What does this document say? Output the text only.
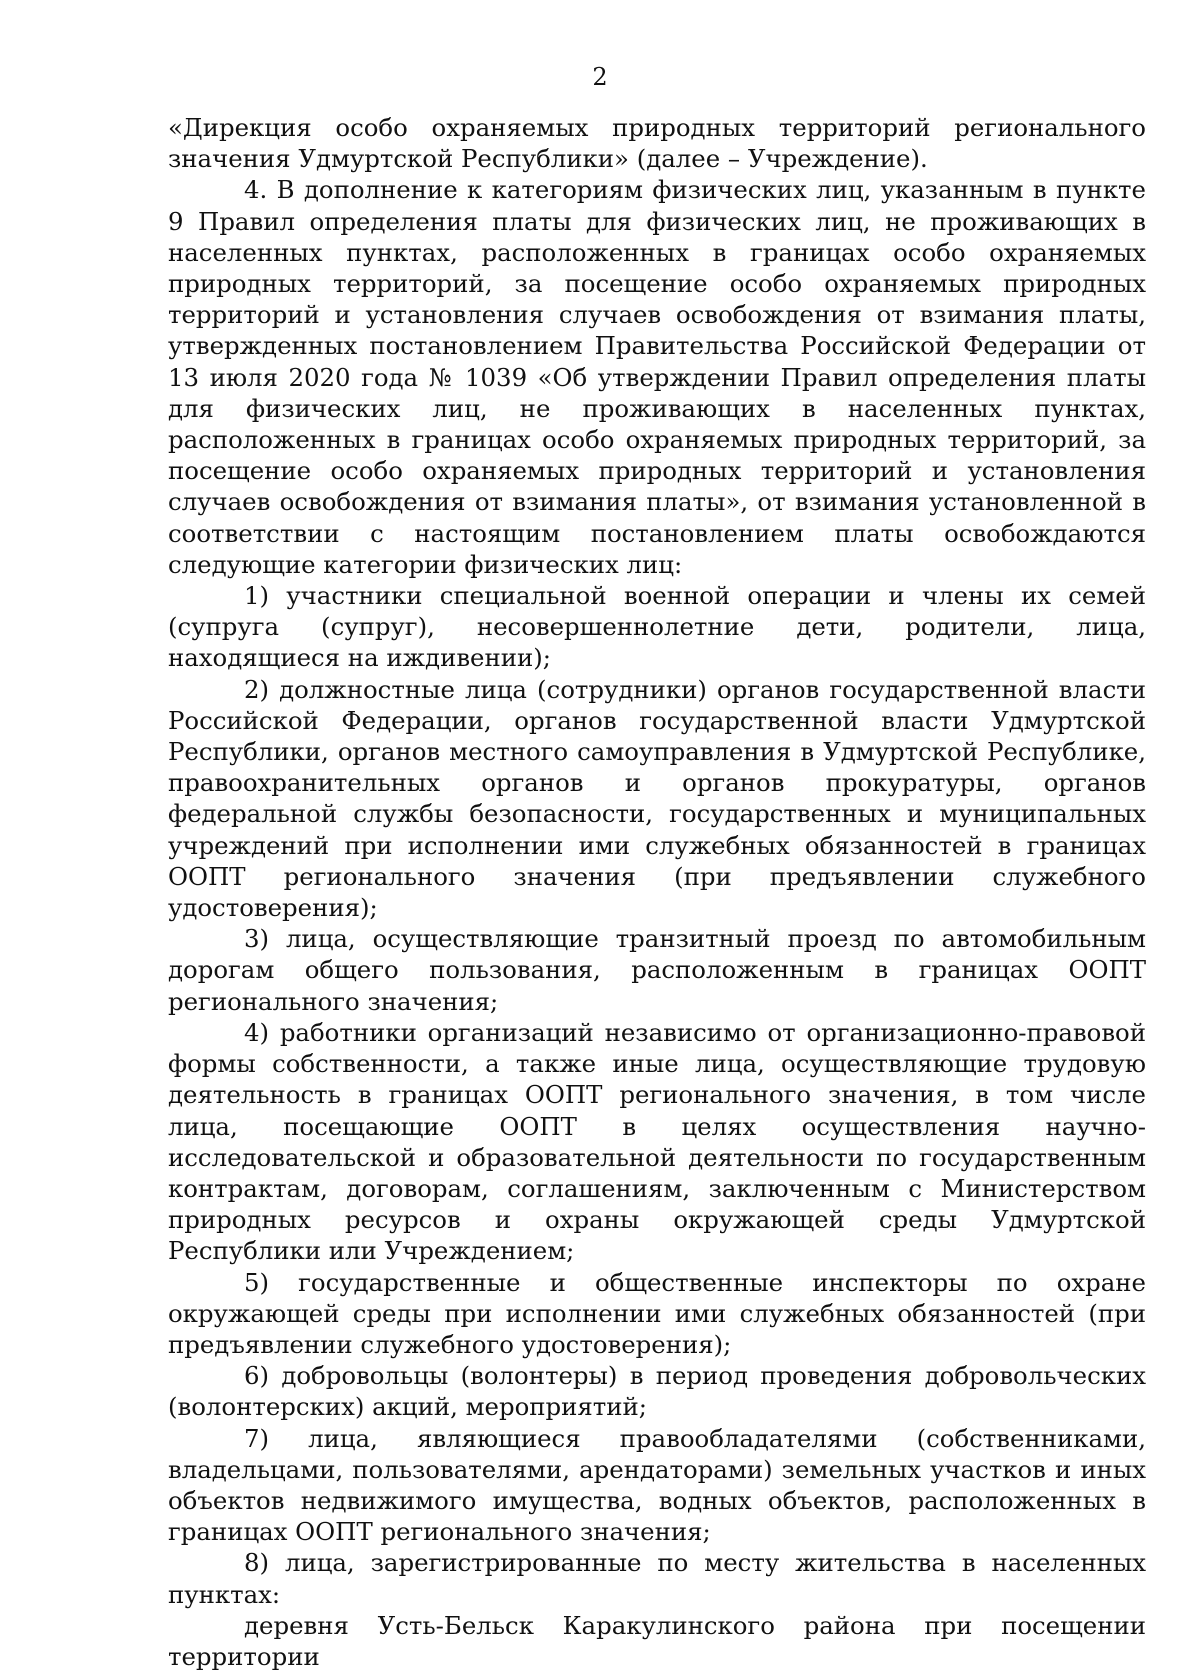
2

«Дирекция особо охраняемых природных территорий регионального значения Удмуртской Республики» (далее – Учреждение).

4. В дополнение к категориям физических лиц, указанным в пункте 9 Правил определения платы для физических лиц, не проживающих в населенных пунктах, расположенных в границах особо охраняемых природных территорий, за посещение особо охраняемых природных территорий и установления случаев освобождения от взимания платы, утвержденных постановлением Правительства Российской Федерации от 13 июля 2020 года № 1039 «Об утверждении Правил определения платы для физических лиц, не проживающих в населенных пунктах, расположенных в границах особо охраняемых природных территорий, за посещение особо охраняемых природных территорий и установления случаев освобождения от взимания платы», от взимания установленной в соответствии с настоящим постановлением платы освобождаются следующие категории физических лиц:

1) участники специальной военной операции и члены их семей (супруга (супруг), несовершеннолетние дети, родители, лица, находящиеся на иждивении);

2) должностные лица (сотрудники) органов государственной власти Российской Федерации, органов государственной власти Удмуртской Республики, органов местного самоуправления в Удмуртской Республике, правоохранительных органов и органов прокуратуры, органов федеральной службы безопасности, государственных и муниципальных учреждений при исполнении ими служебных обязанностей в границах ООПТ регионального значения (при предъявлении служебного удостоверения);

3) лица, осуществляющие транзитный проезд по автомобильным дорогам общего пользования, расположенным в границах ООПТ регионального значения;

4) работники организаций независимо от организационно-правовой формы собственности, а также иные лица, осуществляющие трудовую деятельность в границах ООПТ регионального значения, в том числе лица, посещающие ООПТ в целях осуществления научно-исследовательской и образовательной деятельности по государственным контрактам, договорам, соглашениям, заключенным с Министерством природных ресурсов и охраны окружающей среды Удмуртской Республики или Учреждением;

5) государственные и общественные инспекторы по охране окружающей среды при исполнении ими служебных обязанностей (при предъявлении служебного удостоверения);

6) добровольцы (волонтеры) в период проведения добровольческих (волонтерских) акций, мероприятий;

7) лица, являющиеся правообладателями (собственниками, владельцами, пользователями, арендаторами) земельных участков и иных объектов недвижимого имущества, водных объектов, расположенных в границах ООПТ регионального значения;

8) лица, зарегистрированные по месту жительства в населенных пунктах:

деревня Усть-Бельск Каракулинского района при посещении территории
